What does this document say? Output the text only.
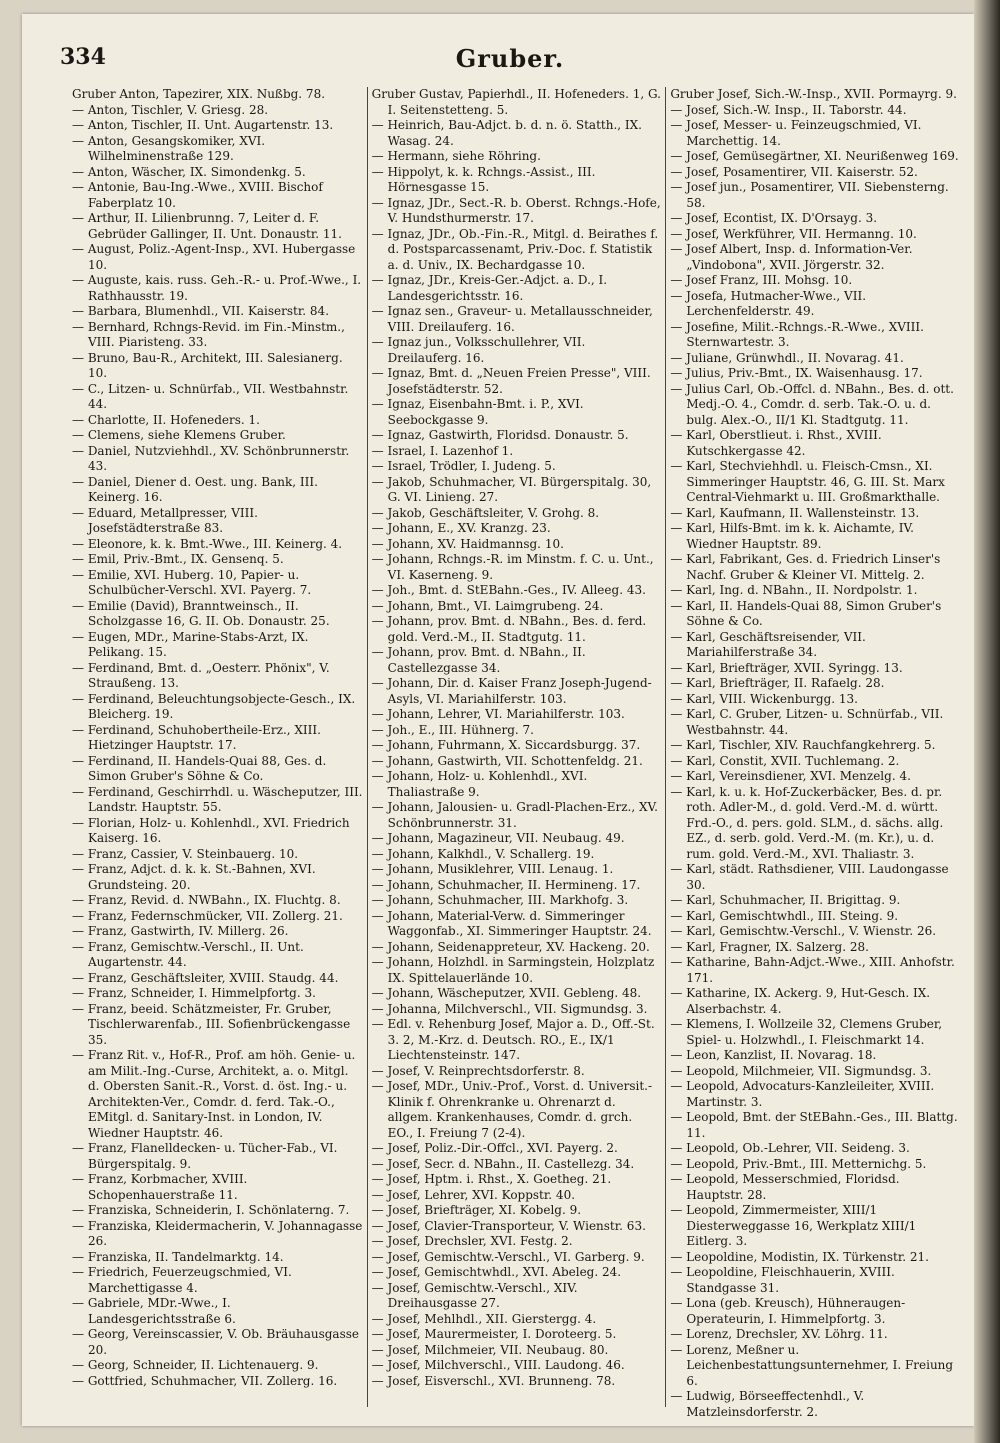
334	Gruber.
Gruber Anton, Tapezirer, XIX. Nußbg. 78.
— Anton, Tischler, V. Griesg. 28.
— Anton, Tischler, II. Unt. Augartenstr. 13.
— Anton, Gesangskomiker, XVI. Wilhelminenstraße 129.
— Anton, Wäscher, IX. Simondenkg. 5.
— Antonie, Bau-Ing.-Wwe., XVIII. Bischof Faberplatz 10.
— Arthur, II. Lilienbrunng. 7, Leiter d. F. Gebrüder Gallinger, II. Unt. Donaustr. 11.
— August, Poliz.-Agent-Insp., XVI. Hubergasse 10.
— Auguste, kais. russ. Geh.-R.- u. Prof.-Wwe., I. Rathhausstr. 19.
— Barbara, Blumenhdl., VII. Kaiserstr. 84.
— Bernhard, Rchngs-Revid. im Fin.-Minstm., VIII. Piaristeng. 33.
— Bruno, Bau-R., Architekt, III. Salesianerg. 10.
— C., Litzen- u. Schnürfab., VII. Westbahnstr. 44.
— Charlotte, II. Hofeneders. 1.
— Clemens, siehe Klemens Gruber.
— Daniel, Nutzviehhdl., XV. Schönbrunnerstr. 43.
— Daniel, Diener d. Oest. ung. Bank, III. Keinerg. 16.
— Eduard, Metallpresser, VIII. Josefstädterstraße 83.
— Eleonore, k. k. Bmt.-Wwe., III. Keinerg. 4.
— Emil, Priv.-Bmt., IX. Gensenq. 5.
— Emilie, XVI. Huberg. 10, Papier- u. Schulbücher-Verschl. XVI. Payerg. 7.
— Emilie (David), Branntweinsch., II. Scholzgasse 16, G. II. Ob. Donaustr. 25.
— Eugen, MDr., Marine-Stabs-Arzt, IX. Pelikang. 15.
— Ferdinand, Bmt. d. „Oesterr. Phönix", V. Straußeng. 13.
— Ferdinand, Beleuchtungsobjecte-Gesch., IX. Bleicherg. 19.
— Ferdinand, Schuhobertheile-Erz., XIII. Hietzinger Hauptstr. 17.
— Ferdinand, II. Handels-Quai 88, Ges. d. Simon Gruber's Söhne & Co.
— Ferdinand, Geschirrhdl. u. Wäscheputzer, III. Landstr. Hauptstr. 55.
— Florian, Holz- u. Kohlenhdl., XVI. Friedrich Kaiserg. 16.
— Franz, Cassier, V. Steinbauerg. 10.
— Franz, Adjct. d. k. k. St.-Bahnen, XVI. Grundsteing. 20.
— Franz, Revid. d. NWBahn., IX. Fluchtg. 8.
— Franz, Federnschmücker, VII. Zollerg. 21.
— Franz, Gastwirth, IV. Millerg. 26.
— Franz, Gemischtw.-Verschl., II. Unt. Augartenstr. 44.
— Franz, Geschäftsleiter, XVIII. Staudg. 44.
— Franz, Schneider, I. Himmelpfortg. 3.
— Franz, beeid. Schätzmeister, Fr. Gruber, Tischlerwarenfab., III. Sofienbrückengasse 35.
— Franz Rit. v., Hof-R., Prof. am höh. Genie- u. am Milit.-Ing.-Curse, Architekt, a. o. Mitgl. d. Obersten Sanit.-R., Vorst. d. öst. Ing.- u. Architekten-Ver., Comdr. d. ferd. Tak.-O., EMitgl. d. Sanitary-Inst. in London, IV. Wiedner Hauptstr. 46.
— Franz, Flanelldecken- u. Tücher-Fab., VI. Bürgerspitalg. 9.
— Franz, Korbmacher, XVIII. Schopenhauerstraße 11.
— Franziska, Schneiderin, I. Schönlaterng. 7.
— Franziska, Kleidermacherin, V. Johannagasse 26.
— Franziska, II. Tandelmarktg. 14.
— Friedrich, Feuerzeugschmied, VI. Marchettigasse 4.
— Gabriele, MDr.-Wwe., I. Landesgerichtsstraße 6.
— Georg, Vereinscassier, V. Ob. Bräuhausgasse 20.
— Georg, Schneider, II. Lichtenauerg. 9.
— Gottfried, Schuhmacher, VII. Zollerg. 16.
Gruber Gustav, Papierhdl., II. Hofeneders. 1, G. I. Seitenstetteng. 5.
— Heinrich, Bau-Adjct. b. d. n. ö. Statth., IX. Wasag. 24.
— Hermann, siehe Röhring.
— Hippolyt, k. k. Rchngs.-Assist., III. Hörnesgasse 15.
— Ignaz, JDr., Sect.-R. b. Oberst. Rchngs.-Hofe, V. Hundsthurmerstr. 17.
— Ignaz, JDr., Ob.-Fin.-R., Mitgl. d. Beirathes f. d. Postsparcassenamt, Priv.-Doc. f. Statistik a. d. Univ., IX. Bechardgasse 10.
— Ignaz, JDr., Kreis-Ger.-Adjct. a. D., I. Landesgerichtsstr. 16.
— Ignaz sen., Graveur- u. Metallausschneider, VIII. Dreilauferg. 16.
— Ignaz jun., Volksschullehrer, VII. Dreilauferg. 16.
— Ignaz, Bmt. d. „Neuen Freien Presse", VIII. Josefstädterstr. 52.
— Ignaz, Eisenbahn-Bmt. i. P., XVI. Seebockgasse 9.
— Ignaz, Gastwirth, Floridsd. Donaustr. 5.
— Israel, I. Lazenhof 1.
— Israel, Trödler, I. Judeng. 5.
— Jakob, Schuhmacher, VI. Bürgerspitalg. 30, G. VI. Linieng. 27.
— Jakob, Geschäftsleiter, V. Grohg. 8.
— Johann, E., XV. Kranzg. 23.
— Johann, XV. Haidmannsg. 10.
— Johann, Rchngs.-R. im Minstm. f. C. u. Unt., VI. Kaserneng. 9.
— Joh., Bmt. d. StEBahn.-Ges., IV. Alleeg. 43.
— Johann, Bmt., VI. Laimgrubeng. 24.
— Johann, prov. Bmt. d. NBahn., Bes. d. ferd. gold. Verd.-M., II. Stadtgutg. 11.
— Johann, prov. Bmt. d. NBahn., II. Castellezgasse 34.
— Johann, Dir. d. Kaiser Franz Joseph-Jugend-Asyls, VI. Mariahilferstr. 103.
— Johann, Lehrer, VI. Mariahilferstr. 103.
— Joh., E., III. Hühnerg. 7.
— Johann, Fuhrmann, X. Siccardsburgg. 37.
— Johann, Gastwirth, VII. Schottenfeldg. 21.
— Johann, Holz- u. Kohlenhdl., XVI. Thaliastraße 9.
— Johann, Jalousien- u. Gradl-Plachen-Erz., XV. Schönbrunnerstr. 31.
— Johann, Magazineur, VII. Neubaug. 49.
— Johann, Kalkhdl., V. Schallerg. 19.
— Johann, Musiklehrer, VIII. Lenaug. 1.
— Johann, Schuhmacher, II. Hermineng. 17.
— Johann, Schuhmacher, III. Markhofg. 3.
— Johann, Material-Verw. d. Simmeringer Waggonfab., XI. Simmeringer Hauptstr. 24.
— Johann, Seidenappreteur, XV. Hackeng. 20.
— Johann, Holzhdl. in Sarmingstein, Holzplatz IX. Spittelauerlände 10.
— Johann, Wäscheputzer, XVII. Gebleng. 48.
— Johanna, Milchverschl., VII. Sigmundsg. 3.
— Edl. v. Rehenburg Josef, Major a. D., Off.-St. 3. 2, M.-Krz. d. Deutsch. RO., E., IX/1 Liechtensteinstr. 147.
— Josef, V. Reinprechtsdorferstr. 8.
— Josef, MDr., Univ.-Prof., Vorst. d. Universit.-Klinik f. Ohrenkranke u. Ohrenarzt d. allgem. Krankenhauses, Comdr. d. grch. EO., I. Freiung 7 (2-4).
— Josef, Poliz.-Dir.-Offcl., XVI. Payerg. 2.
— Josef, Secr. d. NBahn., II. Castellezg. 34.
— Josef, Hptm. i. Rhst., X. Goetheg. 21.
— Josef, Lehrer, XVI. Koppstr. 40.
— Josef, Briefträger, XI. Kobelg. 9.
— Josef, Clavier-Transporteur, V. Wienstr. 63.
— Josef, Drechsler, XVI. Festg. 2.
— Josef, Gemischtw.-Verschl., VI. Garberg. 9.
— Josef, Gemischtwhdl., XVI. Abeleg. 24.
— Josef, Gemischtw.-Verschl., XIV. Dreihausgasse 27.
— Josef, Mehlhdl., XII. Gierstergg. 4.
— Josef, Maurermeister, I. Doroteerg. 5.
— Josef, Milchmeier, VII. Neubaug. 80.
— Josef, Milchverschl., VIII. Laudong. 46.
— Josef, Eisverschl., XVI. Brunneng. 78.
Gruber Josef, Sich.-W.-Insp., XVII. Pormayrg. 9.
— Josef, Sich.-W. Insp., II. Taborstr. 44.
— Josef, Messer- u. Feinzeugschmied, VI. Marchettig. 14.
— Josef, Gemüsegärtner, XI. Neurißenweg 169.
— Josef, Posamentirer, VII. Kaiserstr. 52.
— Josef jun., Posamentirer, VII. Siebensterng. 58.
— Josef, Econtist, IX. D'Orsayg. 3.
— Josef, Werkführer, VII. Hermanng. 10.
— Josef Albert, Insp. d. Information-Ver. „Vindobona", XVII. Jörgerstr. 32.
— Josef Franz, III. Mohsg. 10.
— Josefa, Hutmacher-Wwe., VII. Lerchenfelderstr. 49.
— Josefine, Milit.-Rchngs.-R.-Wwe., XVIII. Sternwartestr. 3.
— Juliane, Grünwhdl., II. Novarag. 41.
— Julius, Priv.-Bmt., IX. Waisenhausg. 17.
— Julius Carl, Ob.-Offcl. d. NBahn., Bes. d. ott. Medj.-O. 4., Comdr. d. serb. Tak.-O. u. d. bulg. Alex.-O., II/1 Kl. Stadtgutg. 11.
— Karl, Oberstlieut. i. Rhst., XVIII. Kutschkergasse 42.
— Karl, Stechviehhdl. u. Fleisch-Cmsn., XI. Simmeringer Hauptstr. 46, G. III. St. Marx Central-Viehmarkt u. III. Großmarkthalle.
— Karl, Kaufmann, II. Wallensteinstr. 13.
— Karl, Hilfs-Bmt. im k. k. Aichamte, IV. Wiedner Hauptstr. 89.
— Karl, Fabrikant, Ges. d. Friedrich Linser's Nachf. Gruber & Kleiner VI. Mittelg. 2.
— Karl, Ing. d. NBahn., II. Nordpolstr. 1.
— Karl, II. Handels-Quai 88, Simon Gruber's Söhne & Co.
— Karl, Geschäftsreisender, VII. Mariahilferstraße 34.
— Karl, Briefträger, XVII. Syringg. 13.
— Karl, Briefträger, II. Rafaelg. 28.
— Karl, VIII. Wickenburgg. 13.
— Karl, C. Gruber, Litzen- u. Schnürfab., VII. Westbahnstr. 44.
— Karl, Tischler, XIV. Rauchfangkehrerg. 5.
— Karl, Constit, XVII. Tuchlemang. 2.
— Karl, Vereinsdiener, XVI. Menzelg. 4.
— Karl, k. u. k. Hof-Zuckerbäcker, Bes. d. pr. roth. Adler-M., d. gold. Verd.-M. d. württ. Frd.-O., d. pers. gold. SLM., d. sächs. allg. EZ., d. serb. gold. Verd.-M. (m. Kr.), u. d. rum. gold. Verd.-M., XVI. Thaliastr. 3.
— Karl, städt. Rathsdiener, VIII. Laudongasse 30.
— Karl, Schuhmacher, II. Brigittag. 9.
— Karl, Gemischtwhdl., III. Steing. 9.
— Karl, Gemischtw.-Verschl., V. Wienstr. 26.
— Karl, Fragner, IX. Salzerg. 28.
— Katharine, Bahn-Adjct.-Wwe., XIII. Anhofstr. 171.
— Katharine, IX. Ackerg. 9, Hut-Gesch. IX. Alserbachstr. 4.
— Klemens, I. Wollzeile 32, Clemens Gruber, Spiel- u. Holzwhdl., I. Fleischmarkt 14.
— Leon, Kanzlist, II. Novarag. 18.
— Leopold, Milchmeier, VII. Sigmundsg. 3.
— Leopold, Advocaturs-Kanzleileiter, XVIII. Martinstr. 3.
— Leopold, Bmt. der StEBahn.-Ges., III. Blattg. 11.
— Leopold, Ob.-Lehrer, VII. Seideng. 3.
— Leopold, Priv.-Bmt., III. Metternichg. 5.
— Leopold, Messerschmied, Floridsd. Hauptstr. 28.
— Leopold, Zimmermeister, XIII/1 Diesterweggasse 16, Werkplatz XIII/1 Eitlerg. 3.
— Leopoldine, Modistin, IX. Türkenstr. 21.
— Leopoldine, Fleischhauerin, XVIII. Standgasse 31.
— Lona (geb. Kreusch), Hühneraugen-Operateurin, I. Himmelpfortg. 3.
— Lorenz, Drechsler, XV. Löhrg. 11.
— Lorenz, Meßner u. Leichenbestattungsunternehmer, I. Freiung 6.
— Ludwig, Börseeffectenhdl., V. Matzleinsdorferstr. 2.
